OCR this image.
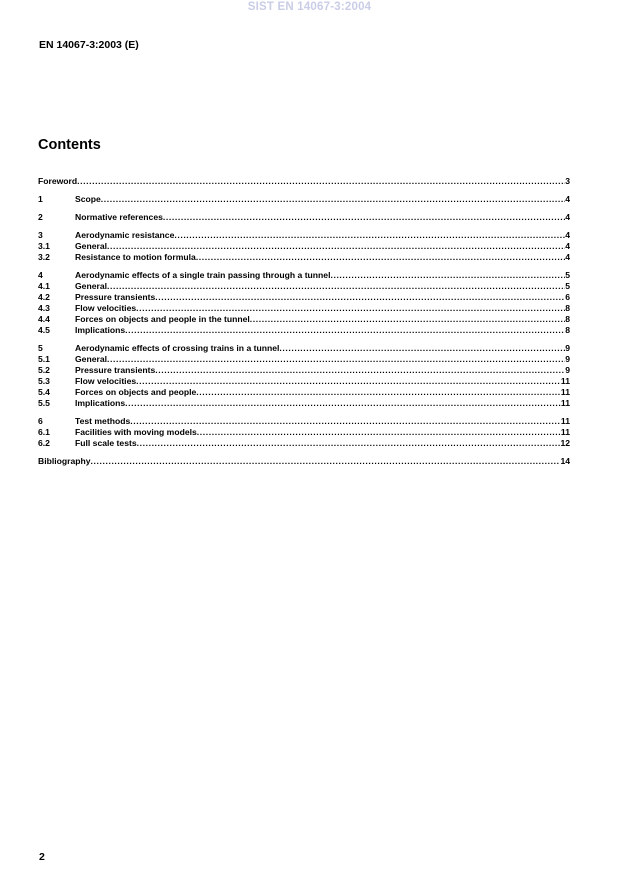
SIST EN 14067-3:2004
EN 14067-3:2003 (E)
Contents
Foreword .....	3
1	Scope .....	4
2	Normative references .....	4
3	Aerodynamic resistance .....	4
3.1	General .....	4
3.2	Resistance to motion formula .....	4
4	Aerodynamic effects of a single train passing through a tunnel .....	5
4.1	General .....	5
4.2	Pressure transients .....	6
4.3	Flow velocities .....	8
4.4	Forces on objects and people in the tunnel .....	8
4.5	Implications .....	8
5	Aerodynamic effects of crossing trains in a tunnel .....	9
5.1	General .....	9
5.2	Pressure transients .....	9
5.3	Flow velocities .....	11
5.4	Forces on objects and people .....	11
5.5	Implications .....	11
6	Test methods .....	11
6.1	Facilities with moving models .....	11
6.2	Full scale tests .....	12
Bibliography .....	14
2
